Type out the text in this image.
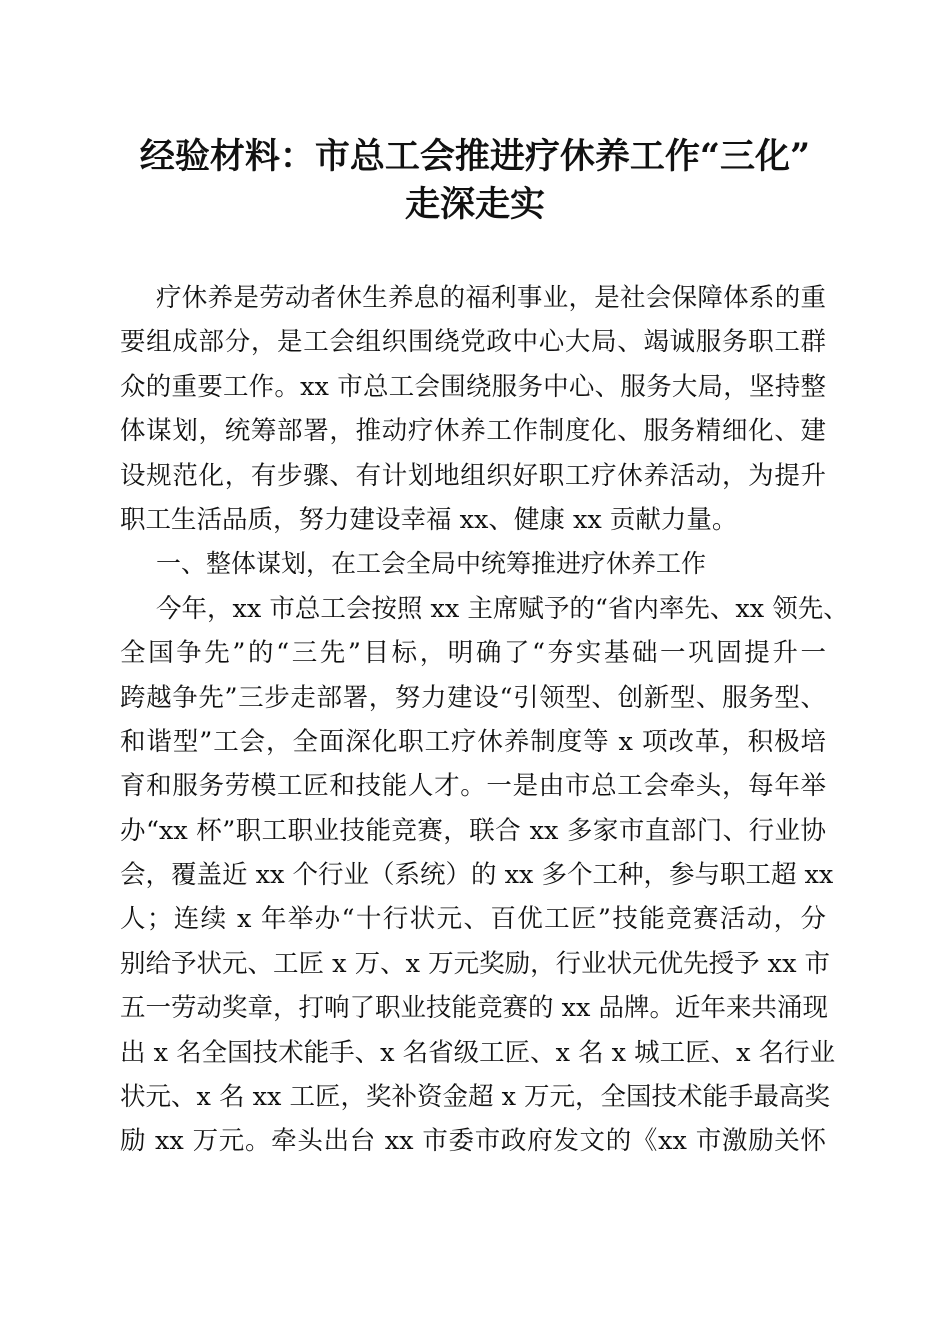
经验材料：市总工会推进疗休养工作“三化”
走深走实
疗休养是劳动者休生养息的福利事业，是社会保障体系的重
要组成部分，是工会组织围绕党政中心大局、竭诚服务职工群
众的重要工作。xx 市总工会围绕服务中心、服务大局，坚持整
体谋划，统筹部署，推动疗休养工作制度化、服务精细化、建
设规范化，有步骤、有计划地组织好职工疗休养活动，为提升
职工生活品质，努力建设幸福 xx、健康 xx 贡献力量。
一、整体谋划，在工会全局中统筹推进疗休养工作
今年，xx 市总工会按照 xx 主席赋予的“省内率先、xx 领先、
全国争先”的“三先”目标，明确了“夯实基础一巩固提升一
跨越争先”三步走部署，努力建设“引领型、创新型、服务型、
和谐型”工会，全面深化职工疗休养制度等 x 项改革，积极培
育和服务劳模工匠和技能人才。一是由市总工会牵头，每年举
办“xx 杯”职工职业技能竞赛，联合 xx 多家市直部门、行业协
会，覆盖近 xx 个行业（系统）的 xx 多个工种，参与职工超 xx
人；连续 x 年举办“十行状元、百优工匠”技能竞赛活动，分
别给予状元、工匠 x 万、x 万元奖励，行业状元优先授予 xx 市
五一劳动奖章，打响了职业技能竞赛的 xx 品牌。近年来共涌现
出 x 名全国技术能手、x 名省级工匠、x 名 x 城工匠、x 名行业
状元、x 名 xx 工匠，奖补资金超 x 万元，全国技术能手最高奖
励 xx 万元。牵头出台 xx 市委市政府发文的《xx 市激励关怀
